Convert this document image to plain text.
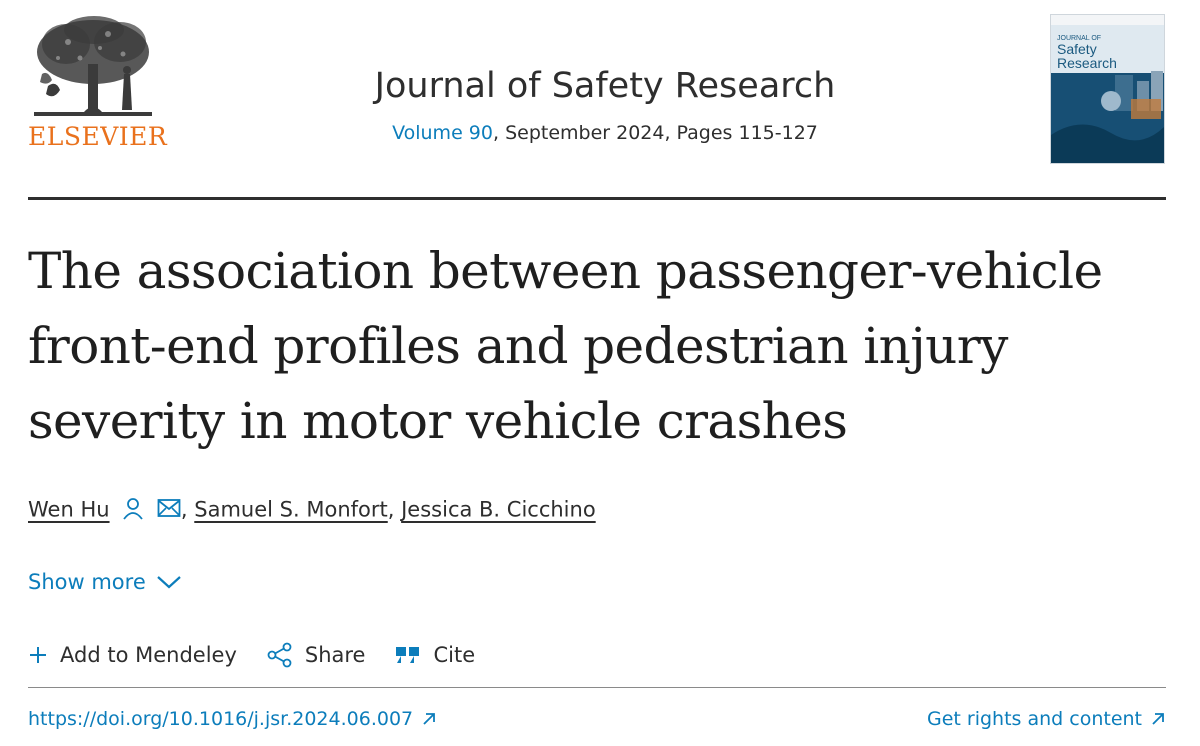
ELSEVIER
Journal of Safety Research
Volume 90, September 2024, Pages 115-127
JOURNAL OF
Safety
Research
The association between passenger-vehicle front-end profiles and pedestrian injury severity in motor vehicle crashes
Wen Hu	, Samuel S. Monfort, Jessica B. Cicchino
Show more
Add to Mendeley	Share	Cite
https://doi.org/10.1016/j.jsr.2024.06.007	Get rights and content
